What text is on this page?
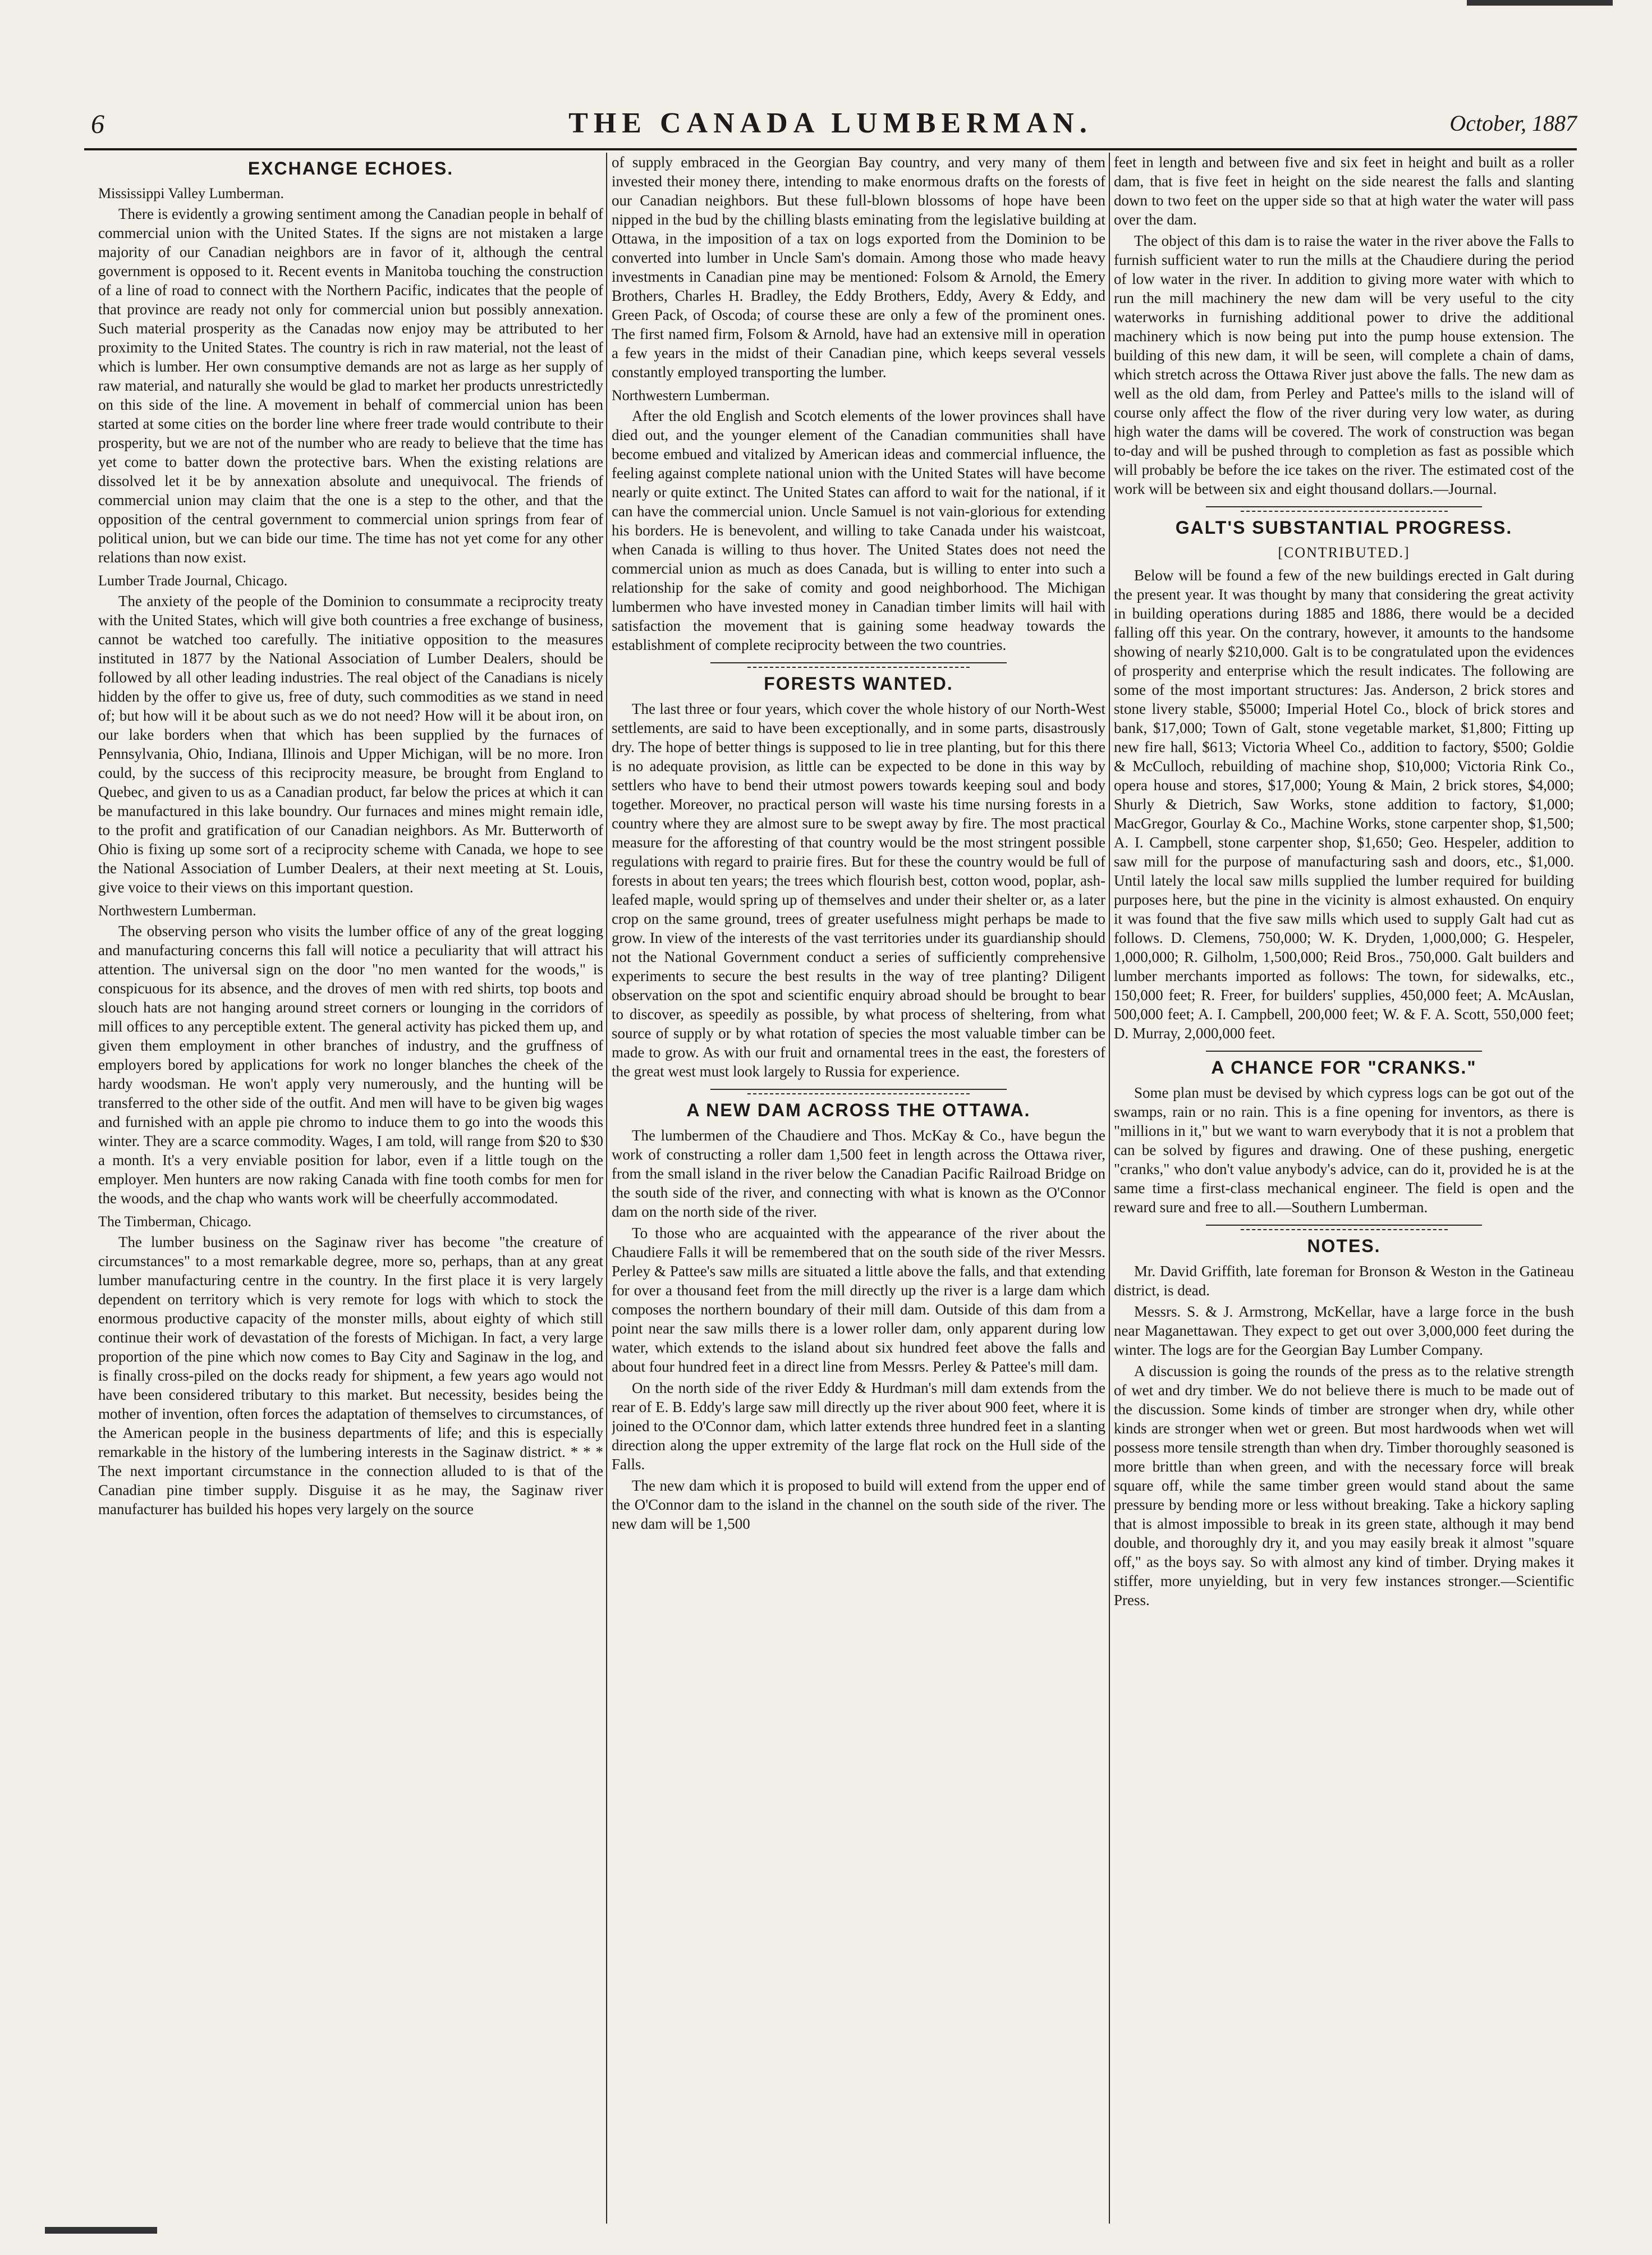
6	THE CANADA LUMBERMAN.	October, 1887
EXCHANGE ECHOES.
Mississippi Valley Lumberman.

There is evidently a growing sentiment among the Canadian people in behalf of commercial union with the United States. If the signs are not mistaken a large majority of our Canadian neighbors are in favor of it, although the central government is opposed to it. Recent events in Manitoba touching the construction of a line of road to connect with the Northern Pacific, indicates that the people of that province are ready not only for commercial union but possibly annexation. Such material prosperity as the Canadas now enjoy may be attributed to her proximity to the United States. The country is rich in raw material, not the least of which is lumber. Her own consumptive demands are not as large as her supply of raw material, and naturally she would be glad to market her products unrestrictedly on this side of the line. A movement in behalf of commercial union has been started at some cities on the border line where freer trade would contribute to their prosperity, but we are not of the number who are ready to believe that the time has yet come to batter down the protective bars. When the existing relations are dissolved let it be by annexation absolute and unequivocal. The friends of commercial union may claim that the one is a step to the other, and that the opposition of the central government to commercial union springs from fear of political union, but we can bide our time. The time has not yet come for any other relations than now exist.

Lumber Trade Journal, Chicago.

The anxiety of the people of the Dominion to consummate a reciprocity treaty with the United States, which will give both countries a free exchange of business, cannot be watched too carefully. The initiative opposition to the measures instituted in 1877 by the National Association of Lumber Dealers, should be followed by all other leading industries. The real object of the Canadians is nicely hidden by the offer to give us, free of duty, such commodities as we stand in need of; but how will it be about such as we do not need? How will it be about iron, on our lake borders when that which has been supplied by the furnaces of Pennsylvania, Ohio, Indiana, Illinois and Upper Michigan, will be no more. Iron could, by the success of this reciprocity measure, be brought from England to Quebec, and given to us as a Canadian product, far below the prices at which it can be manufactured in this lake boundry. Our furnaces and mines might remain idle, to the profit and gratification of our Canadian neighbors. As Mr. Butterworth of Ohio is fixing up some sort of a reciprocity scheme with Canada, we hope to see the National Association of Lumber Dealers, at their next meeting at St. Louis, give voice to their views on this important question.

Northwestern Lumberman.

The observing person who visits the lumber office of any of the great logging and manufacturing concerns this fall will notice a peculiarity that will attract his attention. The universal sign on the door "no men wanted for the woods," is conspicuous for its absence, and the droves of men with red shirts, top boots and slouch hats are not hanging around street corners or lounging in the corridors of mill offices to any perceptible extent. The general activity has picked them up, and given them employment in other branches of industry, and the gruffness of employers bored by applications for work no longer blanches the cheek of the hardy woodsman. He won't apply very numerously, and the hunting will be transferred to the other side of the outfit. And men will have to be given big wages and furnished with an apple pie chromo to induce them to go into the woods this winter. They are a scarce commodity. Wages, I am told, will range from $20 to $30 a month. It's a very enviable position for labor, even if a little tough on the employer. Men hunters are now raking Canada with fine tooth combs for men for the woods, and the chap who wants work will be cheerfully accommodated.

The Timberman, Chicago.

The lumber business on the Saginaw river has become "the creature of circumstances" to a most remarkable degree, more so, perhaps, than at any great lumber manufacturing centre in the country. In the first place it is very largely dependent on territory which is very remote for logs with which to stock the enormous productive capacity of the monster mills, about eighty of which still continue their work of devastation of the forests of Michigan. In fact, a very large proportion of the pine which now comes to Bay City and Saginaw in the log, and is finally cross-piled on the docks ready for shipment, a few years ago would not have been considered tributary to this market. But necessity, besides being the mother of invention, often forces the adaptation of themselves to circumstances, of the American people in the business departments of life; and this is especially remarkable in the history of the lumbering interests in the Saginaw district. * * * The next important circumstance in the connection alluded to is that of the Canadian pine timber supply. Disguise it as he may, the Saginaw river manufacturer has builded his hopes very largely on the source

of supply embraced in the Georgian Bay country, and very many of them invested their money there, intending to make enormous drafts on the forests of our Canadian neighbors. But these full-blown blossoms of hope have been nipped in the bud by the chilling blasts eminating from the legislative building at Ottawa, in the imposition of a tax on logs exported from the Dominion to be converted into lumber in Uncle Sam's domain. Among those who made heavy investments in Canadian pine may be mentioned: Folsom & Arnold, the Emery Brothers, Charles H. Bradley, the Eddy Brothers, Eddy, Avery & Eddy, and Green Pack, of Oscoda; of course these are only a few of the prominent ones. The first named firm, Folsom & Arnold, have had an extensive mill in operation a few years in the midst of their Canadian pine, which keeps several vessels constantly employed transporting the lumber.

Northwestern Lumberman.

After the old English and Scotch elements of the lower provinces shall have died out, and the younger element of the Canadian communities shall have become embued and vitalized by American ideas and commercial influence, the feeling against complete national union with the United States will have become nearly or quite extinct. The United States can afford to wait for the national, if it can have the commercial union. Uncle Samuel is not vain-glorious for extending his borders. He is benevolent, and willing to take Canada under his waistcoat, when Canada is willing to thus hover. The United States does not need the commercial union as much as does Canada, but is willing to enter into such a relationship for the sake of comity and good neighborhood. The Michigan lumbermen who have invested money in Canadian timber limits will hail with satisfaction the movement that is gaining some headway towards the establishment of complete reciprocity between the two countries.

FORESTS WANTED.

The last three or four years, which cover the whole history of our North-West settlements, are said to have been exceptionally, and in some parts, disastrously dry. The hope of better things is supposed to lie in tree planting, but for this there is no adequate provision, as little can be expected to be done in this way by settlers who have to bend their utmost powers towards keeping soul and body together. Moreover, no practical person will waste his time nursing forests in a country where they are almost sure to be swept away by fire. The most practical measure for the afforesting of that country would be the most stringent possible regulations with regard to prairie fires. But for these the country would be full of forests in about ten years; the trees which flourish best, cotton wood, poplar, ash-leafed maple, would spring up of themselves and under their shelter or, as a later crop on the same ground, trees of greater usefulness might perhaps be made to grow. In view of the interests of the vast territories under its guardianship should not the National Government conduct a series of sufficiently comprehensive experiments to secure the best results in the way of tree planting? Diligent observation on the spot and scientific enquiry abroad should be brought to bear to discover, as speedily as possible, by what process of sheltering, from what source of supply or by what rotation of species the most valuable timber can be made to grow. As with our fruit and ornamental trees in the east, the foresters of the great west must look largely to Russia for experience.

A NEW DAM ACROSS THE OTTAWA.

The lumbermen of the Chaudiere and Thos. McKay & Co., have begun the work of constructing a roller dam 1,500 feet in length across the Ottawa river, from the small island in the river below the Canadian Pacific Railroad Bridge on the south side of the river, and connecting with what is known as the O'Connor dam on the north side of the river.

To those who are acquainted with the appearance of the river about the Chaudiere Falls it will be remembered that on the south side of the river Messrs. Perley & Pattee's saw mills are situated a little above the falls, and that extending for over a thousand feet from the mill directly up the river is a large dam which composes the northern boundary of their mill dam. Outside of this dam from a point near the saw mills there is a lower roller dam, only apparent during low water, which extends to the island about six hundred feet above the falls and about four hundred feet in a direct line from Messrs. Perley & Pattee's mill dam.

On the north side of the river Eddy & Hurdman's mill dam extends from the rear of E. B. Eddy's large saw mill directly up the river about 900 feet, where it is joined to the O'Connor dam, which latter extends three hundred feet in a slanting direction along the upper extremity of the large flat rock on the Hull side of the Falls.

The new dam which it is proposed to build will extend from the upper end of the O'Connor dam to the island in the channel on the south side of the river. The new dam will be 1,500

feet in length and between five and six feet in height and built as a roller dam, that is five feet in height on the side nearest the falls and slanting down to two feet on the upper side so that at high water the water will pass over the dam.

The object of this dam is to raise the water in the river above the Falls to furnish sufficient water to run the mills at the Chaudiere during the period of low water in the river. In addition to giving more water with which to run the mill machinery the new dam will be very useful to the city waterworks in furnishing additional power to drive the additional machinery which is now being put into the pump house extension. The building of this new dam, it will be seen, will complete a chain of dams, which stretch across the Ottawa River just above the falls. The new dam as well as the old dam, from Perley and Pattee's mills to the island will of course only affect the flow of the river during very low water, as during high water the dams will be covered. The work of construction was began to-day and will be pushed through to completion as fast as possible which will probably be before the ice takes on the river. The estimated cost of the work will be between six and eight thousand dollars.—Journal.

GALT'S SUBSTANTIAL PROGRESS.
[CONTRIBUTED.]

Below will be found a few of the new buildings erected in Galt during the present year. It was thought by many that considering the great activity in building operations during 1885 and 1886, there would be a decided falling off this year. On the contrary, however, it amounts to the handsome showing of nearly $210,000. Galt is to be congratulated upon the evidences of prosperity and enterprise which the result indicates. The following are some of the most important structures: Jas. Anderson, 2 brick stores and stone livery stable, $5000; Imperial Hotel Co., block of brick stores and bank, $17,000; Town of Galt, stone vegetable market, $1,800; Fitting up new fire hall, $613; Victoria Wheel Co., addition to factory, $500; Goldie & McCulloch, rebuilding of machine shop, $10,000; Victoria Rink Co., opera house and stores, $17,000; Young & Main, 2 brick stores, $4,000; Shurly & Dietrich, Saw Works, stone addition to factory, $1,000; MacGregor, Gourlay & Co., Machine Works, stone carpenter shop, $1,500; A. I. Campbell, stone carpenter shop, $1,650; Geo. Hespeler, addition to saw mill for the purpose of manufacturing sash and doors, etc., $1,000. Until lately the local saw mills supplied the lumber required for building purposes here, but the pine in the vicinity is almost exhausted. On enquiry it was found that the five saw mills which used to supply Galt had cut as follows. D. Clemens, 750,000; W. K. Dryden, 1,000,000; G. Hespeler, 1,000,000; R. Gilholm, 1,500,000; Reid Bros., 750,000. Galt builders and lumber merchants imported as follows: The town, for sidewalks, etc., 150,000 feet; R. Freer, for builders' supplies, 450,000 feet; A. McAuslan, 500,000 feet; A. I. Campbell, 200,000 feet; W. & F. A. Scott, 550,000 feet; D. Murray, 2,000,000 feet.

A CHANCE FOR "CRANKS."

Some plan must be devised by which cypress logs can be got out of the swamps, rain or no rain. This is a fine opening for inventors, as there is "millions in it," but we want to warn everybody that it is not a problem that can be solved by figures and drawing. One of these pushing, energetic "cranks," who don't value anybody's advice, can do it, provided he is at the same time a first-class mechanical engineer. The field is open and the reward sure and free to all.—Southern Lumberman.

NOTES.

Mr. David Griffith, late foreman for Bronson & Weston in the Gatineau district, is dead.

Messrs. S. & J. Armstrong, McKellar, have a large force in the bush near Maganettawan. They expect to get out over 3,000,000 feet during the winter. The logs are for the Georgian Bay Lumber Company.

A discussion is going the rounds of the press as to the relative strength of wet and dry timber. We do not believe there is much to be made out of the discussion. Some kinds of timber are stronger when dry, while other kinds are stronger when wet or green. But most hardwoods when wet will possess more tensile strength than when dry. Timber thoroughly seasoned is more brittle than when green, and with the necessary force will break square off, while the same timber green would stand about the same pressure by bending more or less without breaking. Take a hickory sapling that is almost impossible to break in its green state, although it may bend double, and thoroughly dry it, and you may easily break it almost "square off," as the boys say. So with almost any kind of timber. Drying makes it stiffer, more unyielding, but in very few instances stronger.—Scientific Press.
